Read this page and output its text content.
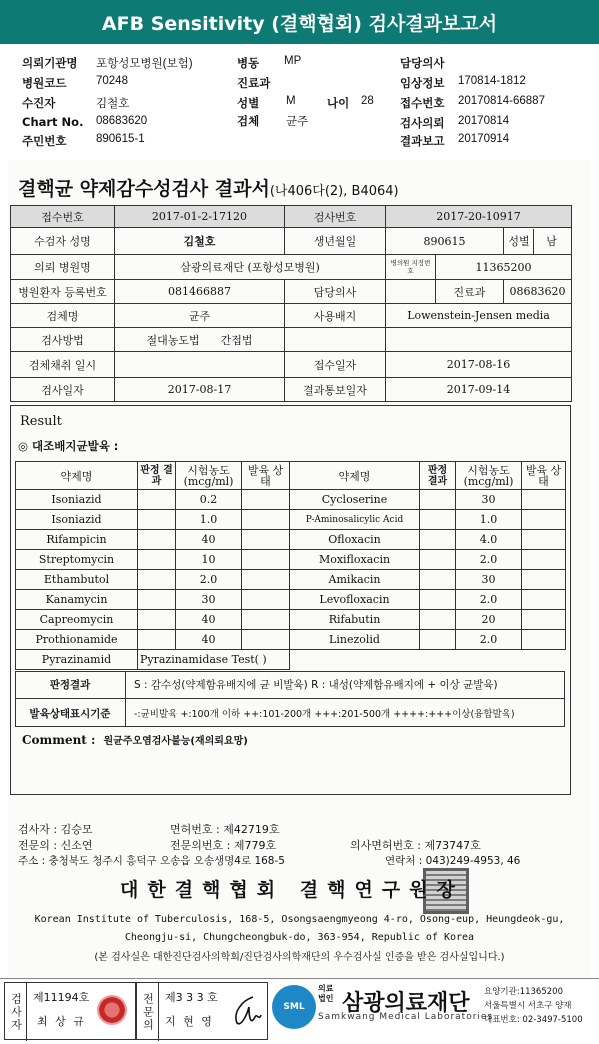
AFB Sensitivity (결핵협회) 검사결과보고서
의뢰기관명 포항성모병원(보험)	병동 MP	담당의사
병원코드	70248	진료과	임상정보 170814-1812
수진자	김철호	성별 M	나이 28 접수번호 20170814-66887
Chart No. 08683620	검체 균주	검사의뢰 20170814
주민번호	890615-1	결과보고 20170914
결핵균 약제감수성검사 결과서(나406다(2), B4064)
접수번호	2017-01-2-17120	검사번호	2017-20-10917		
수검자 성명	김철호	생년월일	890615		성별 남
의뢰 병원명	삼광의료재단 (포항성모병원)		병의원 지정번호	11365200	
병원환자 등록번호	081466887	담당의사		진료과	08683620
검체명	균주	사용배지	Lowenstein-Jensen media		
검사방법	절대농도법 간접법				
검체채취 일시		접수일자	2017-08-16		
검사일자	2017-08-17	결과통보일자	2017-09-14		
Result
◎ 대조배지균발육 :
약제명	판정 결과	시험농도 (mcg/ml)	발육 상태	약제명	판정 결과	시험농도 (mcg/ml)	발육 상태
Isoniazid		0.2		Cycloserine		30	
Isoniazid		1.0		P-Aminosalicylic Acid		1.0	
Rifampicin		40		Ofloxacin		4.0	
Streptomycin		10		Moxifloxacin		2.0	
Ethambutol		2.0		Amikacin		30	
Kanamycin		30		Levofloxacin		2.0	
Capreomycin		40		Rifabutin		20	
Prothionamide		40		Linezolid		2.0	
Pyrazinamid	Pyrazinamidase Test( )						
판정결과	S : 감수성(약제함유배지에 균 비발육) R : 내성(약제함유배지에 + 이상 균발육)
발육상태표시기준	-:균비발육 +:100개 이하 ++:101-200개 +++:201-500개 ++++:+++이상(융합발육)
Comment : 원균주오염검사불능(재의뢰요망)
검사자 : 김승모	면허번호 : 제42719호
전문의 : 신소연	전문의번호 : 제779호	의사면허번호 : 제73747호
주소 : 충청북도 청주시 흥덕구 오송읍 오송생명4로 168-5	연락처 : 043)249-4953, 46
대한결핵협회 결핵연구원장
Korean Institute of Tuberculosis, 168-5, Osongsaengmyeong 4-ro, Osong-eup, Heungdeok-gu,
Cheongju-si, Chungcheongbuk-do, 363-954, Republic of Korea
(본 검사실은 대한진단검사의학회/진단검사의학재단의 우수검사실 인증을 받은 검사실입니다.)
검사자 제11194호
최 상 규	전문의 제3 3 3 호
지 현 영
SML
의료법인 삼광의료재단
Samkwang Medical Laboratories
요양기관:11365200
서울특별시 서초구 양재
대표번호: 02-3497-5100
